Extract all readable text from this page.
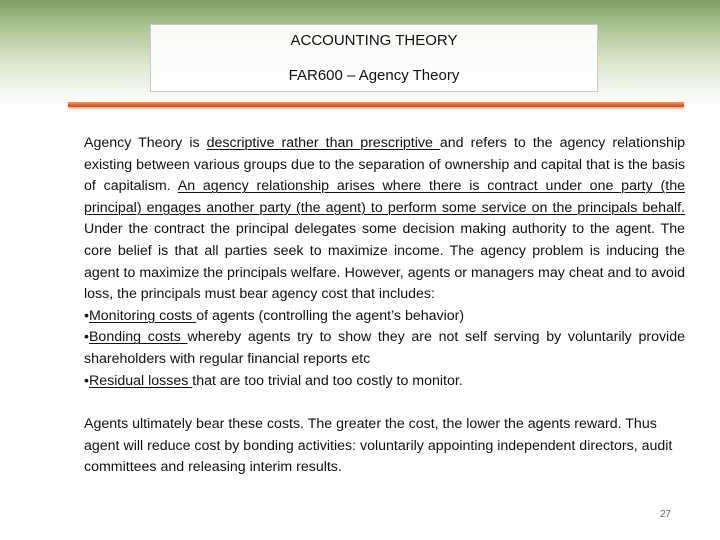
ACCOUNTING THEORY
FAR600 – Agency Theory

Agency Theory is descriptive rather than prescriptive and refers to the agency relationship existing between various groups due to the separation of ownership and capital that is the basis of capitalism. An agency relationship arises where there is contract under one party (the principal) engages another party (the agent) to perform some service on the principals behalf. Under the contract the principal delegates some decision making authority to the agent. The core belief is that all parties seek to maximize income. The agency problem is inducing the agent to maximize the principals welfare. However, agents or managers may cheat and to avoid loss, the principals must bear agency cost that includes:

•Monitoring costs of agents (controlling the agent’s behavior)

•Bonding costs whereby agents try to show they are not self serving by voluntarily provide shareholders with regular financial reports etc

•Residual losses that are too trivial and too costly to monitor.

Agents ultimately bear these costs. The greater the cost, the lower the agents reward. Thus agent will reduce cost by bonding activities: voluntarily appointing independent directors, audit committees and releasing interim results.

27
